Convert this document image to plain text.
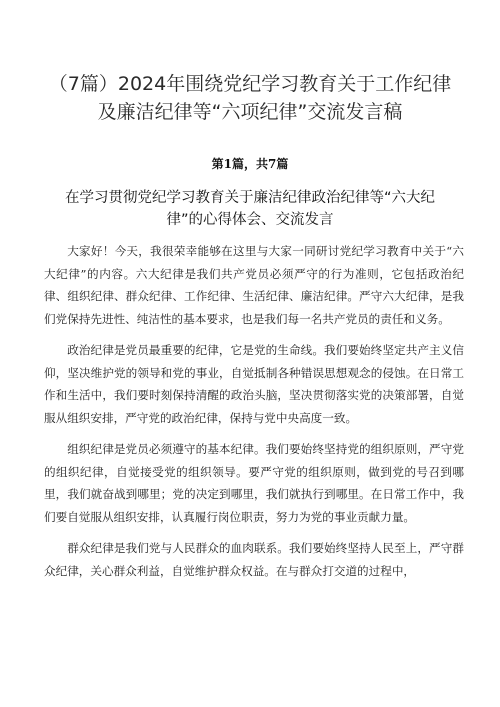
（7篇）2024年围绕党纪学习教育关于工作纪律及廉洁纪律等“六项纪律”交流发言稿
第1篇，共7篇
在学习贯彻党纪学习教育关于廉洁纪律政治纪律等“六大纪律”的心得体会、交流发言

大家好！今天，我很荣幸能够在这里与大家一同研讨党纪学习教育中关于“六大纪律”的内容。六大纪律是我们共产党员必须严守的行为准则，它包括政治纪律、组织纪律、群众纪律、工作纪律、生活纪律、廉洁纪律。严守六大纪律，是我们党保持先进性、纯洁性的基本要求，也是我们每一名共产党员的责任和义务。

政治纪律是党员最重要的纪律，它是党的生命线。我们要始终坚定共产主义信仰，坚决维护党的领导和党的事业，自觉抵制各种错误思想观念的侵蚀。在日常工作和生活中，我们要时刻保持清醒的政治头脑，坚决贯彻落实党的决策部署，自觉服从组织安排，严守党的政治纪律，保持与党中央高度一致。

组织纪律是党员必须遵守的基本纪律。我们要始终坚持党的组织原则，严守党的组织纪律，自觉接受党的组织领导。要严守党的组织原则，做到党的号召到哪里，我们就奋战到哪里；党的决定到哪里，我们就执行到哪里。在日常工作中，我们要自觉服从组织安排，认真履行岗位职责，努力为党的事业贡献力量。

群众纪律是我们党与人民群众的血肉联系。我们要始终坚持人民至上，严守群众纪律，关心群众利益，自觉维护群众权益。在与群众打交道的过程中，
